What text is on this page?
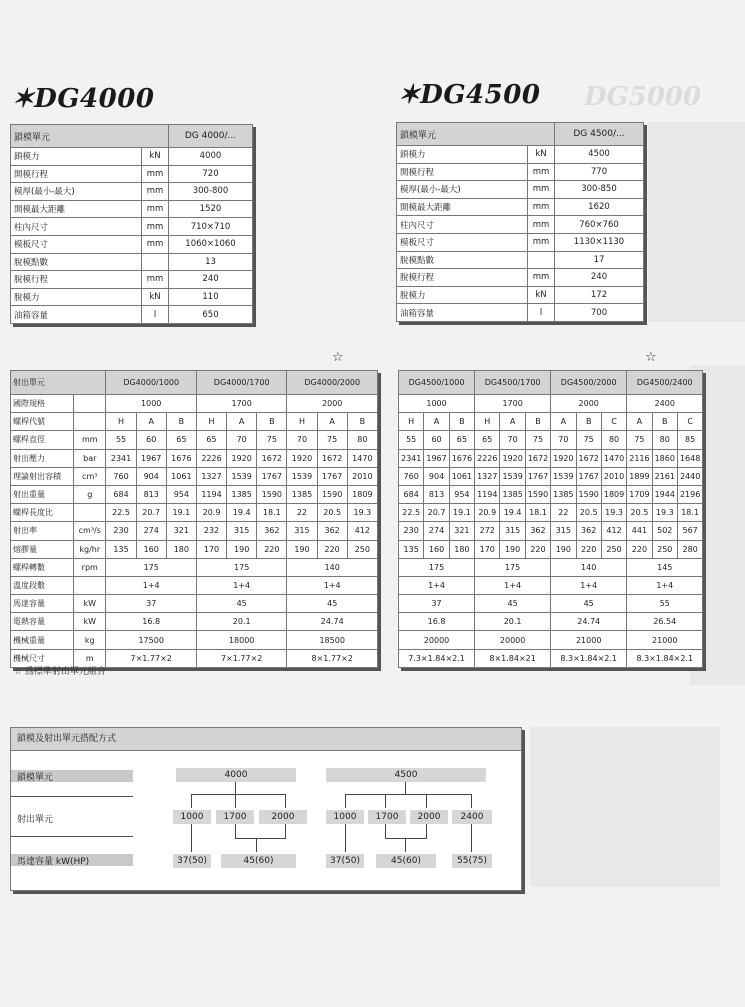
DG5000
✶DG4000	✶DG4500
鎖模單元		DG 4000/...
鎖模力	kN	4000
開模行程	mm	720
模厚(最小-最大)	mm	300-800
開模最大距離	mm	1520
柱內尺寸	mm	710×710
模板尺寸	mm	1060×1060
脫模點數		13
脫模行程	mm	240
脫模力	kN	110
油箱容量	l	650
鎖模單元		DG 4500/...
鎖模力	kN	4500
開模行程	mm	770
模厚(最小-最大)	mm	300-850
開模最大距離	mm	1620
柱內尺寸	mm	760×760
模板尺寸	mm	1130×1130
脫模點數		17
脫模行程	mm	240
脫模力	kN	172
油箱容量	l	700
☆	☆
射出單元		DG4000/1000			DG4000/1700			DG4000/2000		
國際規格		1000			1700			2000		
螺桿代號		H	A	B	H	A	B	H	A	B
螺桿直徑	mm	55	60	65	65	70	75	70	75	80
射出壓力	bar	2341	1967	1676	2226	1920	1672	1920	1672	1470
理論射出容積	cm³	760	904	1061	1327	1539	1767	1539	1767	2010
射出重量	g	684	813	954	1194	1385	1590	1385	1590	1809
螺桿長度比		22.5	20.7	19.1	20.9	19.4	18.1	22	20.5	19.3
射出率	cm³/s	230	274	321	232	315	362	315	362	412
熔膠量	kg/hr	135	160	180	170	190	220	190	220	250
螺桿轉數	rpm	175			175			140		
溫度段數		1+4			1+4			1+4		
馬達容量	kW	37			45			45		
電熱容量	kW	16.8			20.1			24.74		
機械重量	kg	17500			18000			18500		
機械尺寸	m	7×1.77×2			7×1.77×2			8×1.77×2		
DG4500/1000			DG4500/1700			DG4500/2000			DG4500/2400		
1000			1700			2000			2400		
H	A	B	H	A	B	A	B	C	A	B	C
55	60	65	65	70	75	70	75	80	75	80	85
2341	1967	1676	2226	1920	1672	1920	1672	1470	2116	1860	1648
760	904	1061	1327	1539	1767	1539	1767	2010	1899	2161	2440
684	813	954	1194	1385	1590	1385	1590	1809	1709	1944	2196
22.5	20.7	19.1	20.9	19.4	18.1	22	20.5	19.3	20.5	19.3	18.1
230	274	321	272	315	362	315	362	412	441	502	567
135	160	180	170	190	220	190	220	250	220	250	280
175			175			140			145		
1+4			1+4			1+4			1+4		
37			45			45			55		
16.8			20.1			24.74			26.54		
20000			20000			21000			21000		
7.3×1.84×2.1			8×1.84×21			8.3×1.84×2.1			8.3×1.84×2.1		
☆ 爲標準射出單元組合
鎖模及射出單元搭配方式
鎖模單元
射出單元
馬達容量 kW(HP)
4000
1000	1700	2000
37(50)	45(60)
4500
1000	1700	2000	2400
37(50)	45(60)	55(75)
